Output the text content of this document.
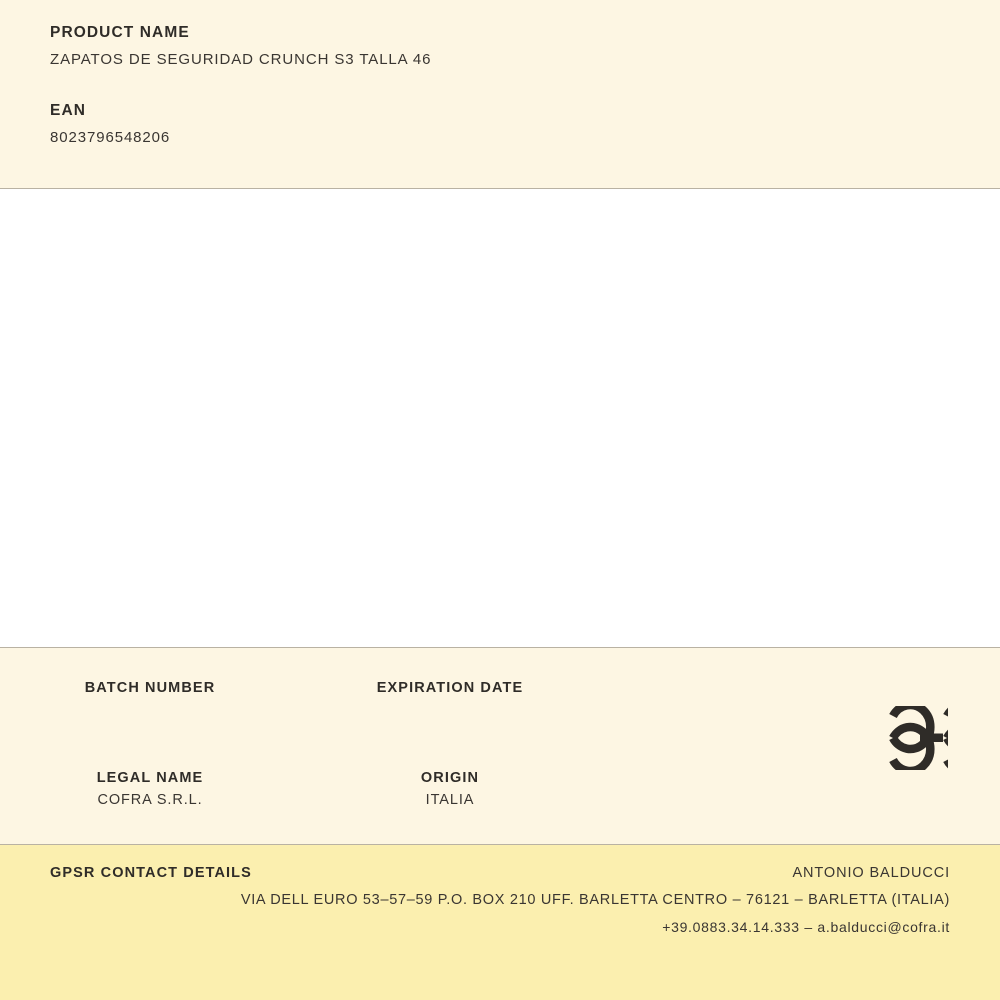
PRODUCT NAME
ZAPATOS DE SEGURIDAD CRUNCH S3 TALLA 46
EAN
8023796548206
BATCH NUMBER	EXPIRATION DATE
LEGAL NAME
COFRA S.R.L.
ORIGIN
ITALIA
GPSR CONTACT DETAILS	ANTONIO BALDUCCI
VIA DELL EURO 53–57–59 P.O. BOX 210 UFF. BARLETTA CENTRO – 76121 – BARLETTA (ITALIA)
+39.0883.34.14.333 – a.balducci@cofra.it
